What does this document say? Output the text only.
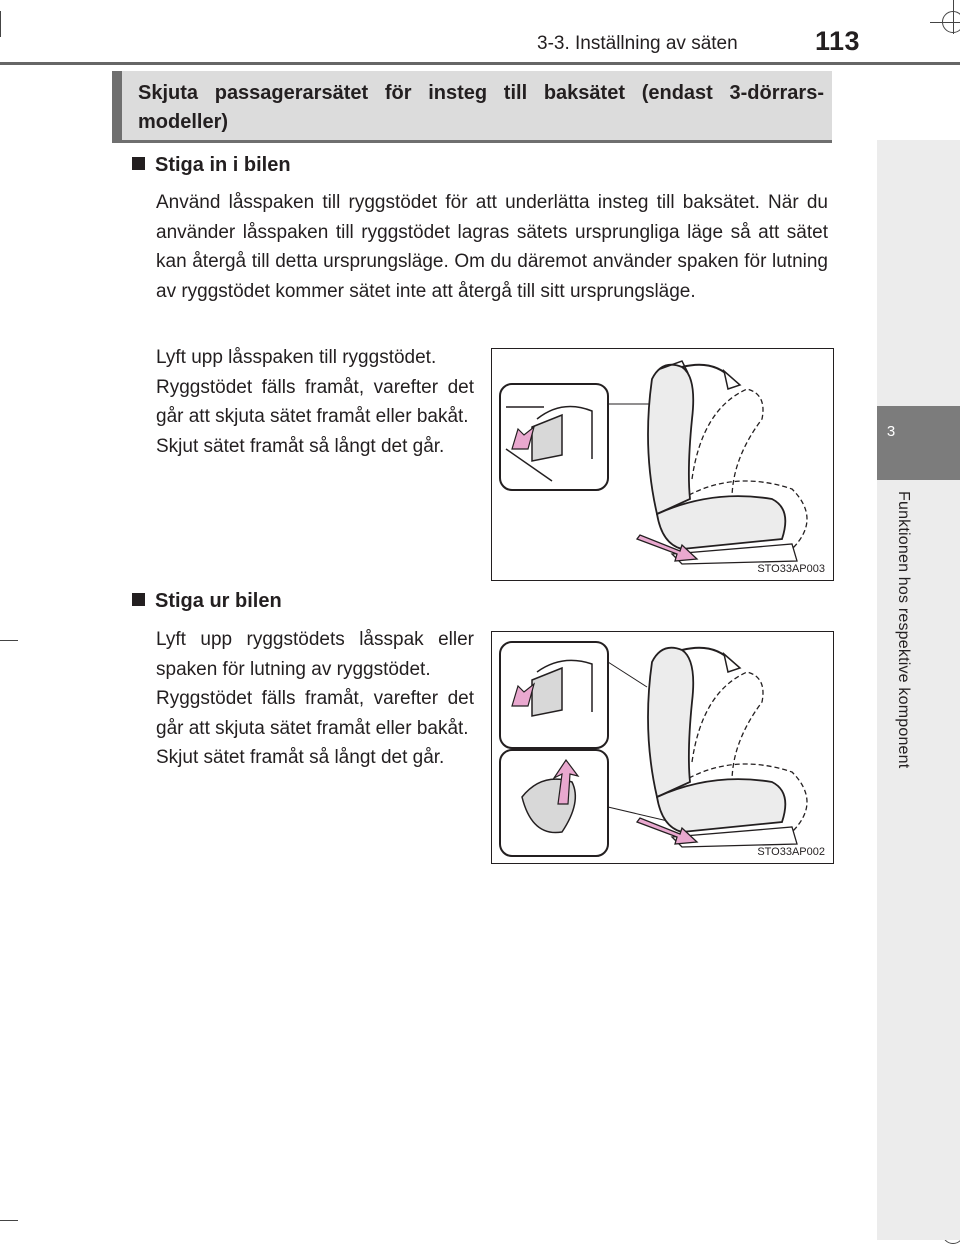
3-3. Inställning av säten	113
3
Funktionen hos respektive komponent
Skjuta passagerarsätet för insteg till baksätet (endast 3-dörrars-modeller)
Stiga in i bilen
Använd låsspaken till ryggstödet för att underlätta insteg till baksätet. När du använder låsspaken till ryggstödet lagras sätets ursprungliga läge så att sätet kan återgå till detta ursprungsläge. Om du däremot använder spaken för lutning av ryggstödet kommer sätet inte att återgå till sitt ursprungsläge.
Lyft upp låsspaken till ryggstödet.
Ryggstödet fälls framåt, varefter det går att skjuta sätet framåt eller bakåt.
Skjut sätet framåt så långt det går.
STO33AP003
Stiga ur bilen
Lyft upp ryggstödets låsspak eller spaken för lutning av ryggstödet.
Ryggstödet fälls framåt, varefter det går att skjuta sätet framåt eller bakåt.
Skjut sätet framåt så långt det går.
STO33AP002
